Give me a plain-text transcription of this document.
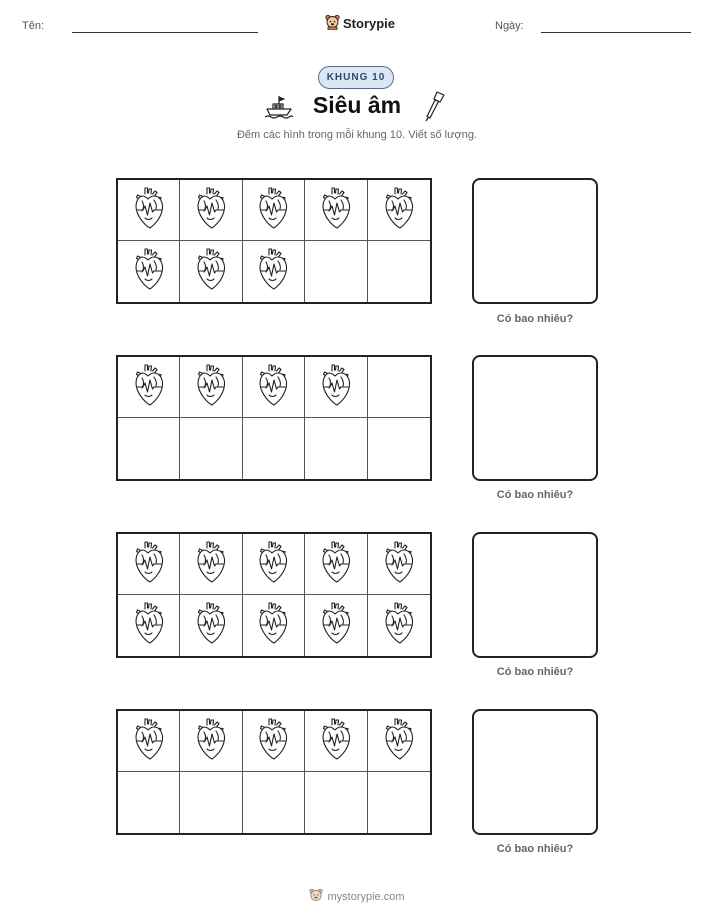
Tên:	Storypie	Ngày:
KHUNG 10
Siêu âm
Đếm các hình trong mỗi khung 10. Viết số lượng.
Có bao nhiêu?
Có bao nhiêu?
Có bao nhiêu?
Có bao nhiêu?
mystorypie.com
